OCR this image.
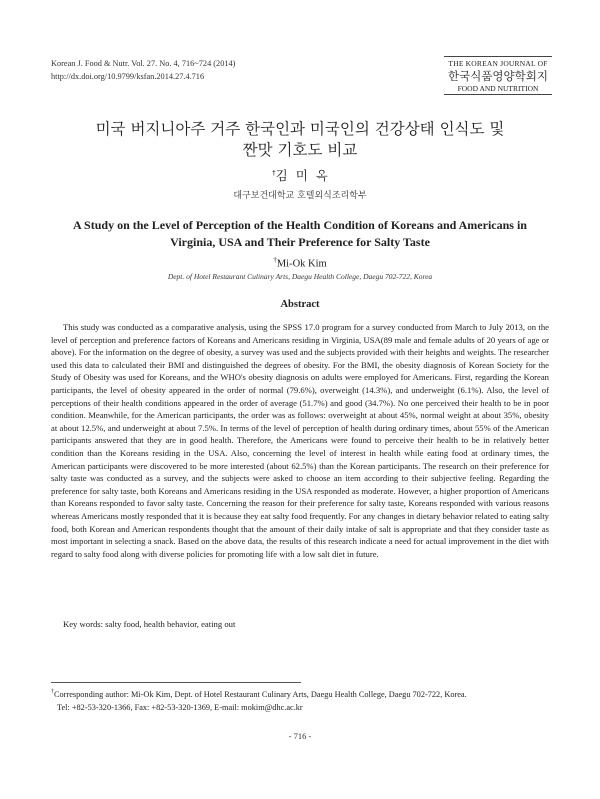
Korean J. Food & Nutr. Vol. 27. No. 4, 716~724 (2014)
http://dx.doi.org/10.9799/ksfan.2014.27.4.716
THE KOREAN JOURNAL OF
한국식품영양학회지
FOOD AND NUTRITION
미국 버지니아주 거주 한국인과 미국인의 건강상태 인식도 및
짠맛 기호도 비교
†김 미 옥
대구보건대학교 호텔외식조리학부
A Study on the Level of Perception of the Health Condition of Koreans and Americans in
Virginia, USA and Their Preference for Salty Taste
†Mi-Ok Kim
Dept. of Hotel Restaurant Culinary Arts, Daegu Health College, Daegu 702-722, Korea
Abstract

This study was conducted as a comparative analysis, using the SPSS 17.0 program for a survey conducted from March to July 2013, on the level of perception and preference factors of Koreans and Americans residing in Virginia, USA(89 male and female adults of 20 years of age or above). For the information on the degree of obesity, a survey was used and the subjects provided with their heights and weights. The researcher used this data to calculated their BMI and distinguished the degrees of obesity. For the BMI, the obesity diagnosis of Korean Society for the Study of Obesity was used for Koreans, and the WHO's obesity diagnosis on adults were employed for Americans. First, regarding the Korean participants, the level of obesity appeared in the order of normal (79.6%), overweight (14.3%), and underweight (6.1%). Also, the level of perceptions of their health conditions appeared in the order of average (51.7%) and good (34.7%). No one perceived their health to be in poor condition. Meanwhile, for the American participants, the order was as follows: overweight at about 45%, normal weight at about 35%, obesity at about 12.5%, and underweight at about 7.5%. In terms of the level of perception of health during ordinary times, about 55% of the American participants answered that they are in good health. Therefore, the Americans were found to perceive their health to be in relatively better condition than the Koreans residing in the USA. Also, concerning the level of interest in health while eating food at ordinary times, the American participants were discovered to be more interested (about 62.5%) than the Korean participants. The research on their preference for salty taste was conducted as a survey, and the subjects were asked to choose an item according to their subjective feeling. Regarding the preference for salty taste, both Koreans and Americans residing in the USA responded as moderate. However, a higher proportion of Americans than Koreans responded to favor salty taste. Concerning the reason for their preference for salty taste, Koreans responded with various reasons whereas Americans mostly responded that it is because they eat salty food frequently. For any changes in dietary behavior related to eating salty food, both Korean and American respondents thought that the amount of their daily intake of salt is appropriate and that they consider taste as most important in selecting a snack. Based on the above data, the results of this research indicate a need for actual improvement in the diet with regard to salty food along with diverse policies for promoting life with a low salt diet in future.

Key words: salty food, health behavior, eating out
†Corresponding author: Mi-Ok Kim, Dept. of Hotel Restaurant Culinary Arts, Daegu Health College, Daegu 702-722, Korea.
Tel: +82-53-320-1366, Fax: +82-53-320-1369, E-mail: mokim@dhc.ac.kr
- 716 -
